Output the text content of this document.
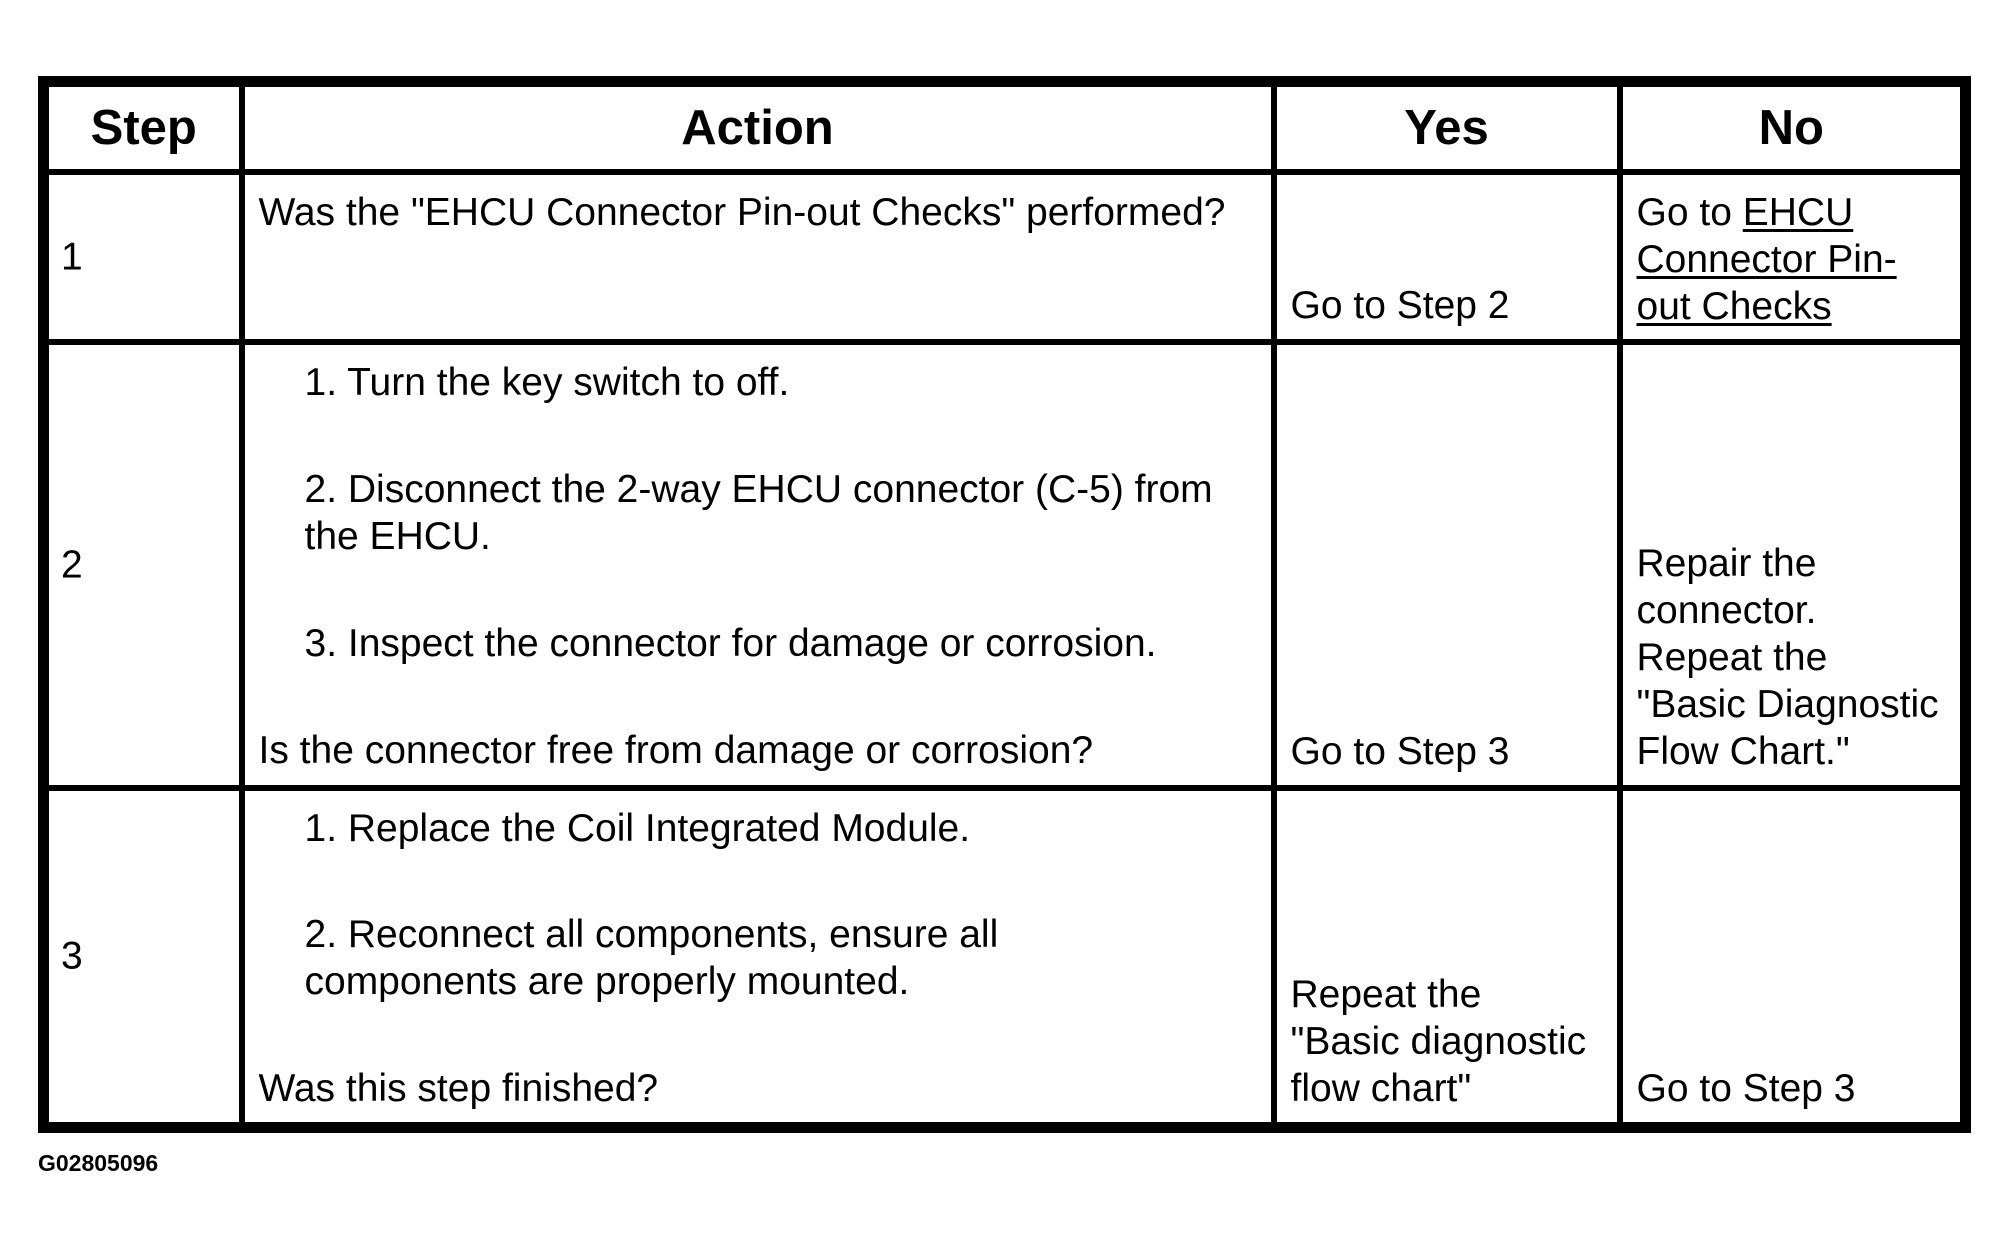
Step	Action	Yes	No

1	Was the "EHCU Connector Pin-out Checks" performed?	Go to Step 2	Go to EHCU Connector Pin-out Checks

2	1. Turn the key switch to off.
2. Disconnect the 2-way EHCU connector (C-5) from the EHCU.
3. Inspect the connector for damage or corrosion.
Is the connector free from damage or corrosion?	Go to Step 3	Repair the connector. Repeat the "Basic Diagnostic Flow Chart."

3	1. Replace the Coil Integrated Module.
2. Reconnect all components, ensure all components are properly mounted.
Was this step finished?	Repeat the "Basic diagnostic flow chart"	Go to Step 3
G02805096
